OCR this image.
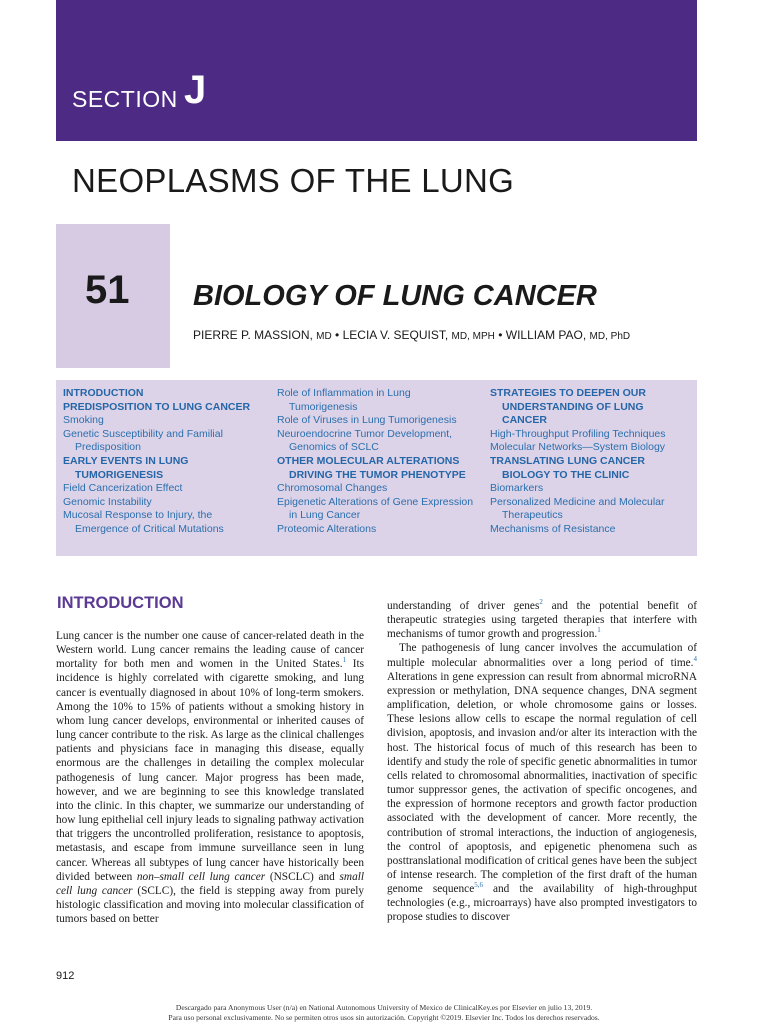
SECTION J
NEOPLASMS OF THE LUNG
51 BIOLOGY OF LUNG CANCER
PIERRE P. MASSION, MD • LECIA V. SEQUIST, MD, MPH • WILLIAM PAO, MD, PhD
INTRODUCTION
PREDISPOSITION TO LUNG CANCER
Smoking
Genetic Susceptibility and Familial Predisposition
EARLY EVENTS IN LUNG TUMORIGENESIS
Field Cancerization Effect
Genomic Instability
Mucosal Response to Injury, the Emergence of Critical Mutations
Role of Inflammation in Lung Tumorigenesis
Role of Viruses in Lung Tumorigenesis
Neuroendocrine Tumor Development, Genomics of SCLC
OTHER MOLECULAR ALTERATIONS DRIVING THE TUMOR PHENOTYPE
Chromosomal Changes
Epigenetic Alterations of Gene Expression in Lung Cancer
Proteomic Alterations
STRATEGIES TO DEEPEN OUR UNDERSTANDING OF LUNG CANCER
High-Throughput Profiling Techniques
Molecular Networks—System Biology
TRANSLATING LUNG CANCER BIOLOGY TO THE CLINIC
Biomarkers
Personalized Medicine and Molecular Therapeutics
Mechanisms of Resistance
INTRODUCTION

Lung cancer is the number one cause of cancer-related death in the Western world. Lung cancer remains the leading cause of cancer mortality for both men and women in the United States.$^1$ Its incidence is highly correlated with cigarette smoking, and lung cancer is eventually diagnosed in about 10% of long-term smokers. Among the 10% to 15% of patients without a smoking history in whom lung cancer develops, environmental or inherited causes of lung cancer contribute to the risk. As large as the clinical challenges patients and physicians face in managing this disease, equally enormous are the challenges in detailing the complex molecular pathogenesis of lung cancer. Major progress has been made, however, and we are beginning to see this knowledge translated into the clinic. In this chapter, we summarize our understanding of how lung epithelial cell injury leads to signaling pathway activation that triggers the uncontrolled proliferation, resistance to apoptosis, metastasis, and escape from immune surveillance seen in lung cancer. Whereas all subtypes of lung cancer have historically been divided between non–small cell lung cancer (NSCLC) and small cell lung cancer (SCLC), the field is stepping away from purely histologic classification and moving into molecular classification of tumors based on better

understanding of driver genes$^2$ and the potential benefit of therapeutic strategies using targeted therapies that interfere with mechanisms of tumor growth and progression.$^1$

The pathogenesis of lung cancer involves the accumulation of multiple molecular abnormalities over a long period of time.$^4$ Alterations in gene expression can result from abnormal microRNA expression or methylation, DNA sequence changes, DNA segment amplification, deletion, or whole chromosome gains or losses. These lesions allow cells to escape the normal regulation of cell division, apoptosis, and invasion and/or alter its interaction with the host. The historical focus of much of this research has been to identify and study the role of specific genetic abnormalities in tumor cells related to chromosomal abnormalities, inactivation of specific tumor suppressor genes, the activation of specific oncogenes, and the expression of hormone receptors and growth factor production associated with the development of cancer. More recently, the contribution of stromal interactions, the induction of angiogenesis, the control of apoptosis, and epigenetic phenomena such as posttranslational modification of critical genes have been the subject of intense research. The completion of the first draft of the human genome sequence$^{5,6}$ and the availability of high-throughput technologies (e.g., microarrays) have also prompted investigators to propose studies to discover

912
Descargado para Anonymous User (n/a) en National Autonomous University of Mexico de ClinicalKey.es por Elsevier en julio 13, 2019.
Para uso personal exclusivamente. No se permiten otros usos sin autorización. Copyright ©2019. Elsevier Inc. Todos los derechos reservados.
